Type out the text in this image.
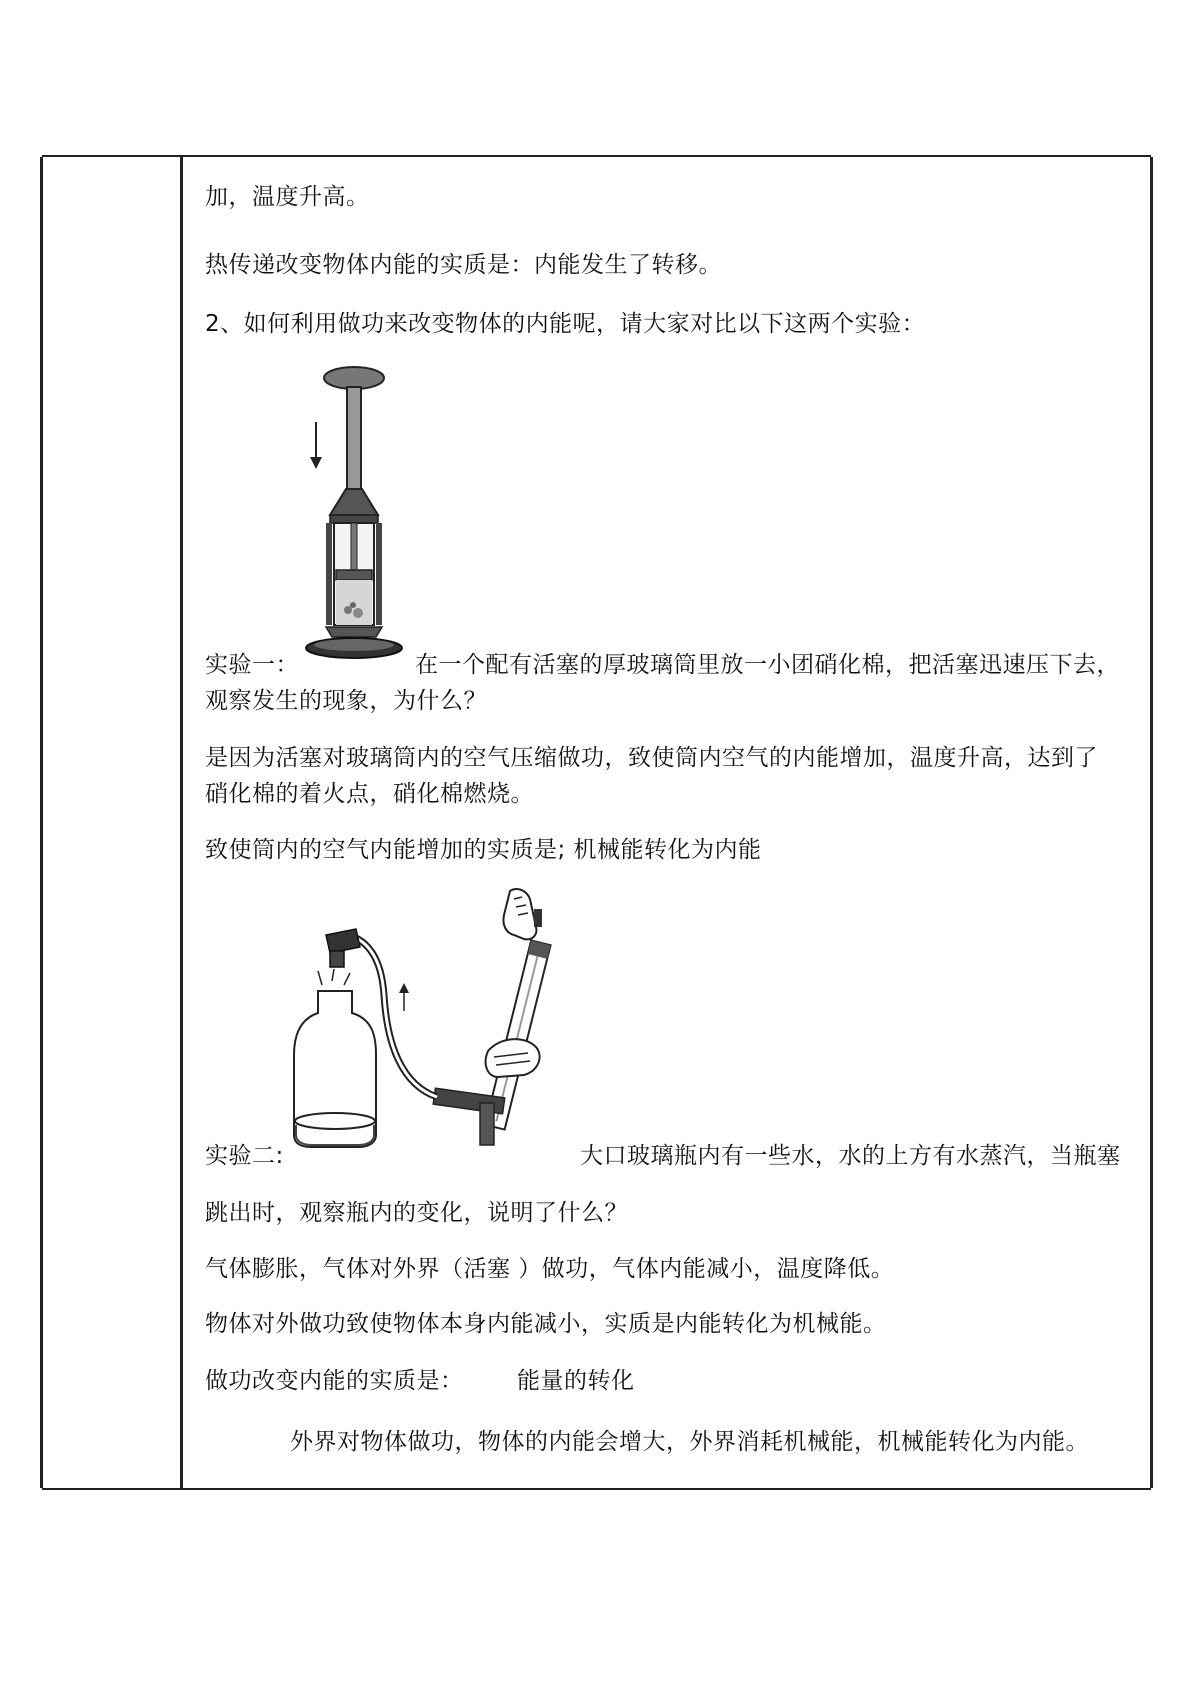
加，温度升高。
热传递改变物体内能的实质是：内能发生了转移。
2、如何利用做功来改变物体的内能呢，请大家对比以下这两个实验：
实验一：	在一个配有活塞的厚玻璃筒里放一小团硝化棉，把活塞迅速压下去，
观察发生的现象，为什么？
是因为活塞对玻璃筒内的空气压缩做功，致使筒内空气的内能增加，温度升高，达到了
硝化棉的着火点，硝化棉燃烧。
致使筒内的空气内能增加的实质是; 机械能转化为内能
实验二:	大口玻璃瓶内有一些水，水的上方有水蒸汽，当瓶塞
跳出时，观察瓶内的变化，说明了什么？
气体膨胀，气体对外界（活塞 ）做功，气体内能减小，温度降低。
物体对外做功致使物体本身内能减小，实质是内能转化为机械能。
做功改变内能的实质是： 能量的转化
外界对物体做功，物体的内能会增大，外界消耗机械能，机械能转化为内能。
